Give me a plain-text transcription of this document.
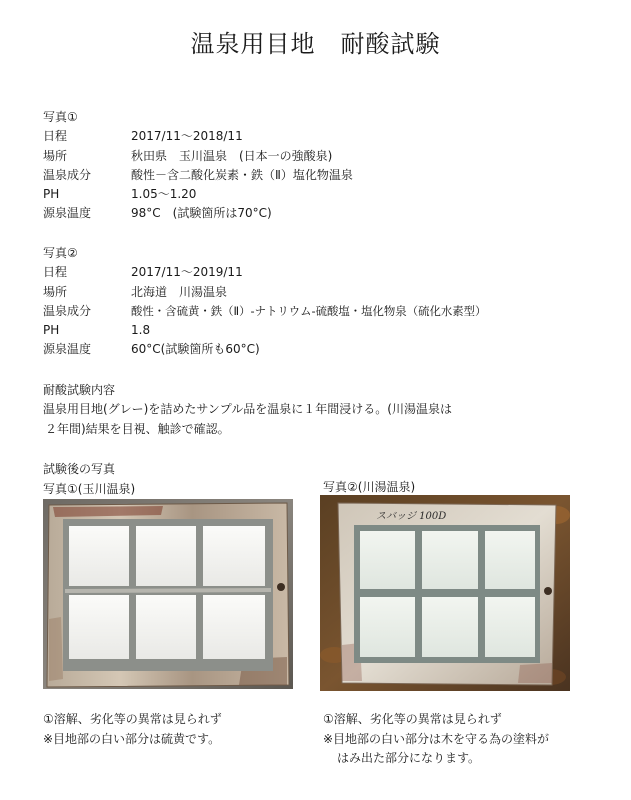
温泉用目地　耐酸試験
写真①
日程	2017/11～2018/11
場所	秋田県　玉川温泉　(日本一の強酸泉)
温泉成分	酸性－含二酸化炭素・鉄（Ⅱ）塩化物温泉
PH	1.05～1.20
源泉温度	98°C　(試験箇所は70°C)
写真②
日程	2017/11～2019/11
場所	北海道　川湯温泉
温泉成分	酸性・含硫黄・鉄（Ⅱ）-ナトリウム-硫酸塩・塩化物泉（硫化水素型）
PH	1.8
源泉温度	60°C(試験箇所も60°C)
耐酸試験内容
温泉用目地(グレー)を詰めたサンプル品を温泉に１年間浸ける。(川湯温泉は
２年間)結果を目視、触診で確認。
試験後の写真
写真①(玉川温泉)	写真②(川湯温泉)
スバッジ 100D
①溶解、劣化等の異常は見られず
※目地部の白い部分は硫黄です。
①溶解、劣化等の異常は見られず
※目地部の白い部分は木を守る為の塗料が
はみ出た部分になります。
